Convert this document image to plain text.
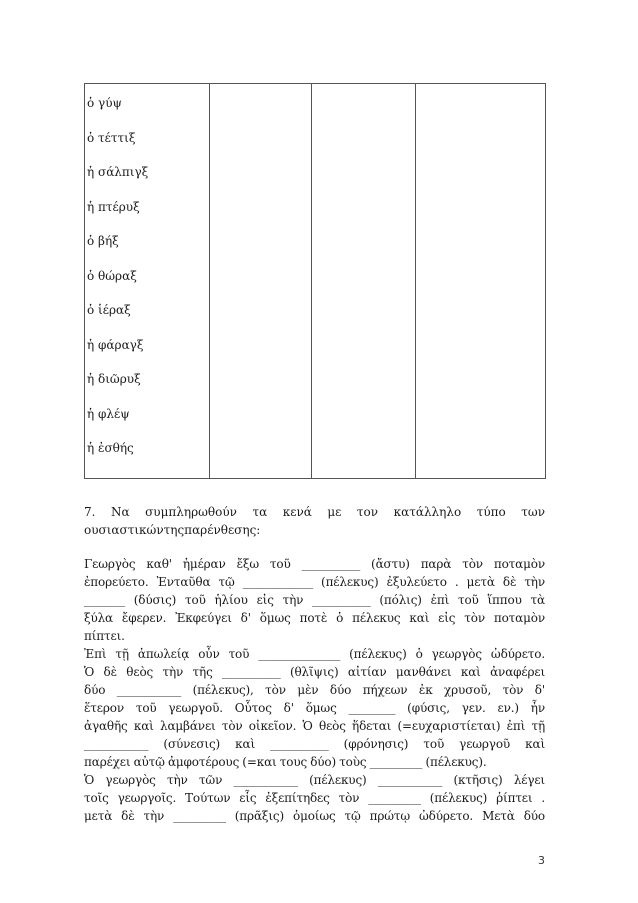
ὁ γύψ
ὁ τέττιξ
ἡ σάλπιγξ
ἡ πτέρυξ
ὁ βήξ
ὁ θώραξ
ὁ ἱέραξ
ἡ φάραγξ
ἡ διῶρυξ
ἡ φλέψ
ἡ ἐσθής

7. Να συμπληρωθούν τα κενά με τον κατάλληλο τύπο των

ουσιαστικώντηςπαρένθεσης:

Γεωργὸς καθ' ἡμέραν ἔξω τοῦ __________ (ἄστυ) παρὰ τὸν ποταμὸν
ἐπορεύετο. Ἐνταῦθα τῷ ____________ (πέλεκυς) ἐξυλεύετο . μετὰ δὲ τὴν
_______ (δύσις) τοῦ ἡλίου εἰς τὴν __________ (πόλις) ἐπὶ τοῦ ἵππου τὰ
ξύλα ἔφερεν. Ἐκφεύγει δ' ὅμως ποτὲ ὁ πέλεκυς καὶ εἰς τὸν ποταμὸν
πίπτει.
Ἐπὶ τῇ ἀπωλείᾳ οὖν τοῦ ______________ (πέλεκυς) ὁ γεωργὸς ὠδύρετο.
Ὁ δὲ θεὸς τὴν τῆς __________ (θλῖψις) αἰτίαν μανθάνει καὶ ἀναφέρει
δύο ___________ (πέλεκυς), τὸν μὲν δύο πήχεων ἐκ χρυσοῦ, τὸν δ'
ἕτερον τοῦ γεωργοῦ. Οὗτος δ' ὅμως ________ (φύσις, γεν. εν.) ἦν
ἀγαθῆς καὶ λαμβάνει τὸν οἰκεῖον. Ὁ θεὸς ἥδεται (=ευχαριστίεται) ἐπὶ τῇ
___________ (σύνεσις) καὶ __________ (φρόνησις) τοῦ γεωργοῦ καὶ
παρέχει αὐτῷ ἀμφοτέρους (=και τους δύο) τοὺς _________ (πέλεκυς).
Ὁ γεωργὸς τὴν τῶν ___________ (πέλεκυς) ___________ (κτῆσις) λέγει
τοῖς γεωργοῖς. Τούτων εἷς ἐξεπίτηδες τὸν _________ (πέλεκυς) ῥίπτει .
μετὰ δὲ τὴν _________ (πρᾶξις) ὁμοίως τῷ πρώτῳ ὠδύρετο. Μετὰ δύο

3
